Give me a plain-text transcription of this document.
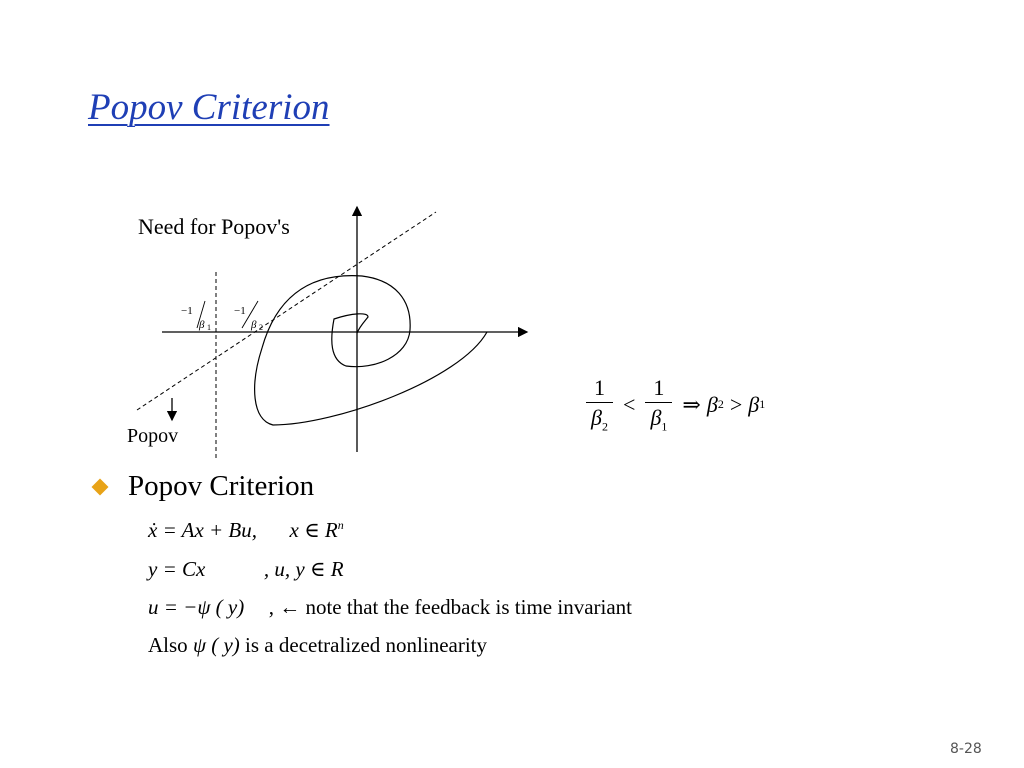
Popov Criterion
−1
β 1
−1
β 2
Need for Popov's
Popov
$\frac{1}{\beta_2} < \frac{1}{\beta_1}$ ⇒ β 2 > β 1
Popov Criterion
ẋ = Ax + Bu, x ∈ $R^n$
y = Cx	, u, y ∈ R
u = −ψ ( y) , ← note that the feedback is time invariant
Also ψ ( y) is a decetralized nonlinearity
8-28
